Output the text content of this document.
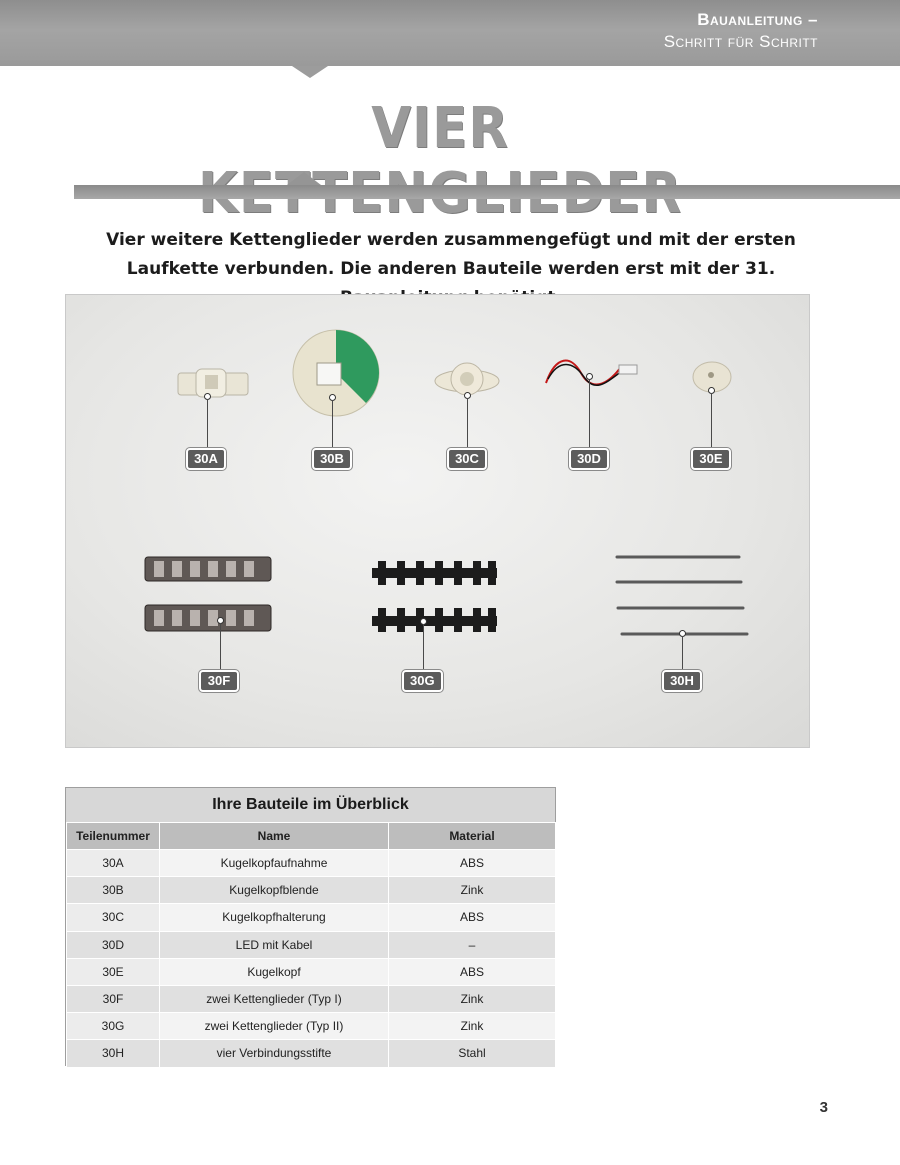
Bauanleitung –
Schritt für Schritt
VIER
Vier weitere Kettenglieder werden zusammengefügt und mit der ersten Laufkette verbunden. Die anderen Bauteile werden erst mit der 31.
30A	30B	30C	30D	30E
30F	30G	30H
Ihre Bauteile im Überblick
Teilenummer	Name	Material
30A	Kugelkopfaufnahme	ABS
30B	Kugelkopfblende	Zink
30C	Kugelkopfhalterung	ABS
30D	LED mit Kabel	–
30E	Kugelkopf	ABS
30F	zwei Kettenglieder (Typ I)	Zink
30G	zwei Kettenglieder (Typ II)	Zink
30H	vier Verbindungsstifte	Stahl
3
